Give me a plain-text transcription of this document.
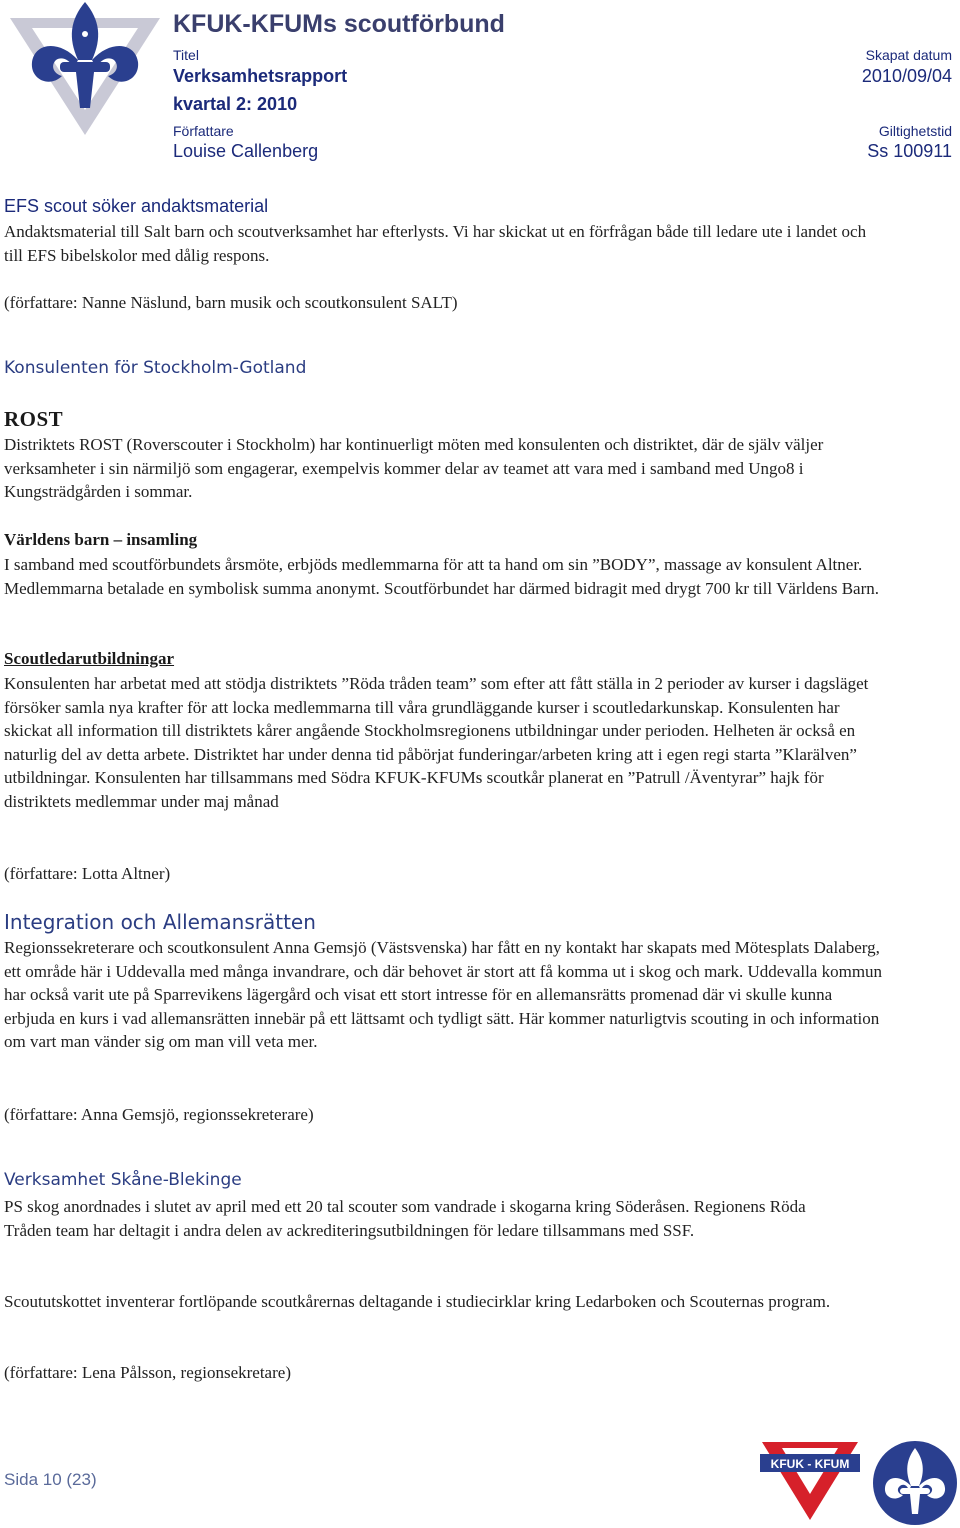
KFUK-KFUMs scoutförbund
Titel	Skapat datum
Verksamhetsrapport	2010/09/04
kvartal 2: 2010
Författare	Giltighetstid
Louise Callenberg	Ss 100911
EFS scout söker andaktsmaterial
Andaktsmaterial till Salt barn och scoutverksamhet har efterlysts. Vi har skickat ut en förfrågan både till ledare ute i landet och till EFS bibelskolor med dålig respons.
(författare: Nanne Näslund, barn musik och scoutkonsulent SALT)
Konsulenten för Stockholm-Gotland
ROST
Distriktets ROST (Roverscouter i Stockholm) har kontinuerligt möten med konsulenten och distriktet, där de själv väljer verksamheter i sin närmiljö som engagerar, exempelvis kommer delar av teamet att vara med i samband med Ungo8 i Kungsträdgården i sommar.
Världens barn – insamling
I samband med scoutförbundets årsmöte, erbjöds medlemmarna för att ta hand om sin ”BODY”, massage av konsulent Altner. Medlemmarna betalade en symbolisk summa anonymt. Scoutförbundet har därmed bidragit med drygt 700 kr till Världens Barn.
Scoutledarutbildningar
Konsulenten har arbetat med att stödja distriktets ”Röda tråden team” som efter att fått ställa in 2 perioder av kurser i dagsläget försöker samla nya krafter för att locka medlemmarna till våra grundläggande kurser i scoutledarkunskap. Konsulenten har skickat all information till distriktets kårer angående Stockholmsregionens utbildningar under perioden. Helheten är också en naturlig del av detta arbete. Distriktet har under denna tid påbörjat funderingar/arbeten kring att i egen regi starta ”Klarälven” utbildningar. Konsulenten har tillsammans med Södra KFUK-KFUMs scoutkår planerat en ”Patrull /Äventyrar” hajk för distriktets medlemmar under maj månad
(författare: Lotta Altner)
Integration och Allemansrätten
Regionssekreterare och scoutkonsulent Anna Gemsjö (Västsvenska) har fått en ny kontakt har skapats med Mötesplats Dalaberg, ett område här i Uddevalla med många invandrare, och där behovet är stort att få komma ut i skog och mark. Uddevalla kommun har också varit ute på Sparrevikens lägergård och visat ett stort intresse för en allemansrätts promenad där vi skulle kunna erbjuda en kurs i vad allemansrätten innebär på ett lättsamt och tydligt sätt. Här kommer naturligtvis scouting in och information om vart man vänder sig om man vill veta mer.
(författare: Anna Gemsjö, regionssekreterare)
Verksamhet Skåne-Blekinge
PS skog anordnades i slutet av april med ett 20 tal scouter som vandrade i skogarna kring Söderåsen. Regionens Röda Tråden team har deltagit i andra delen av ackrediteringsutbildningen för ledare tillsammans med SSF.
Scoututskottet inventerar fortlöpande scoutkårernas deltagande i studiecirklar kring Ledarboken och Scouternas program.
(författare: Lena Pålsson, regionsekretare)
Sida 10 (23)
KFUK - KFUM
